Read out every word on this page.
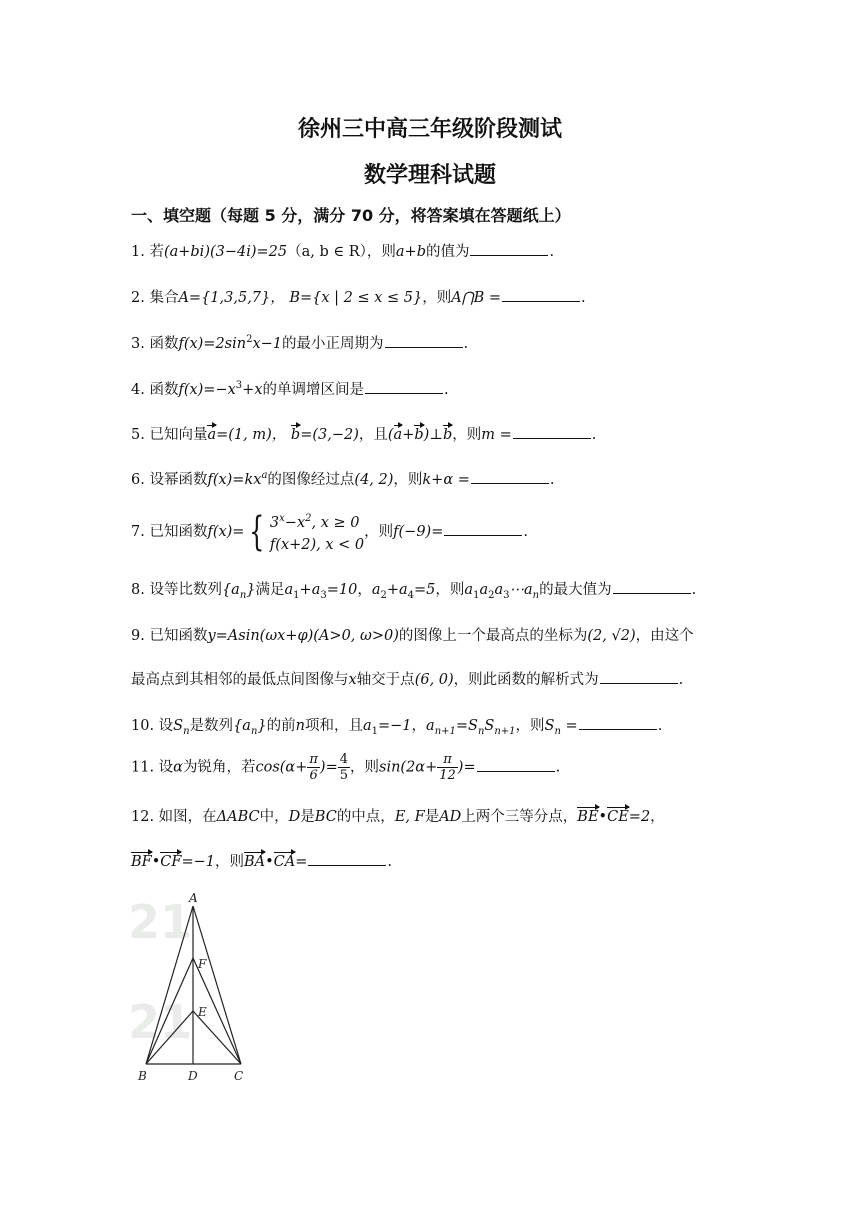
徐州三中高三年级阶段测试
数学理科试题
一、填空题（每题 5 分，满分 70 分，将答案填在答题纸上）
1. 若(a+bi)(3−4i)=25（a, b ∈ R），则a+b的值为	.
2. 集合A={1,3,5,7}， B={x | 2 ≤ x ≤ 5}，则A⋂B =	.
3. 函数$f(x)=2\sin^2x-1$的最小正周期为	.
4. 函数$f(x)=-x^3+x$的单调增区间是	.
5. 已知向量a=(1, m)， b=(3,−2)，且(a+b)⊥b，则m =	.
6. 设幂函数$f(x)=kx^a$的图像经过点(4, 2)，则k+α =	.
7. 已知函数f(x)= { $3^x-x^2$, x ≥ 0
f(x+2), x < 0
，则f(−9)=	.
8. 设等比数列$\{a_n\}$满足$a_1+a_3=10$，$a_2+a_4=5$，则$a_1a_2a_3\cdots a_n$的最大值为	.
9. 已知函数y=Asin(ωx+φ)(A>0, ω>0)的图像上一个最高点的坐标为(2, √2)，由这个
最高点到其相邻的最低点间图像与x轴交于点(6, 0)，则此函数的解析式为	.
10. 设$S_n$是数列$\{a_n\}$的前n项和，且$a_1=-1$，$a_{n+1}=S_nS_{n+1}$，则$S_n$ =	.
11. 设α为锐角，若$\cos(\alpha+ \frac{\pi}{6}$ )= $\frac{4}{5}$ ，则$\sin(2\alpha+ \frac{\pi}{12}$ )=	.
12. 如图，在ΔABC中，D是BC的中点，E, F是AD上两个三等分点，BE•CE=2，
BF•CF=−1，则BA•CA=	.
21
21
A
F
E
B	D	C
